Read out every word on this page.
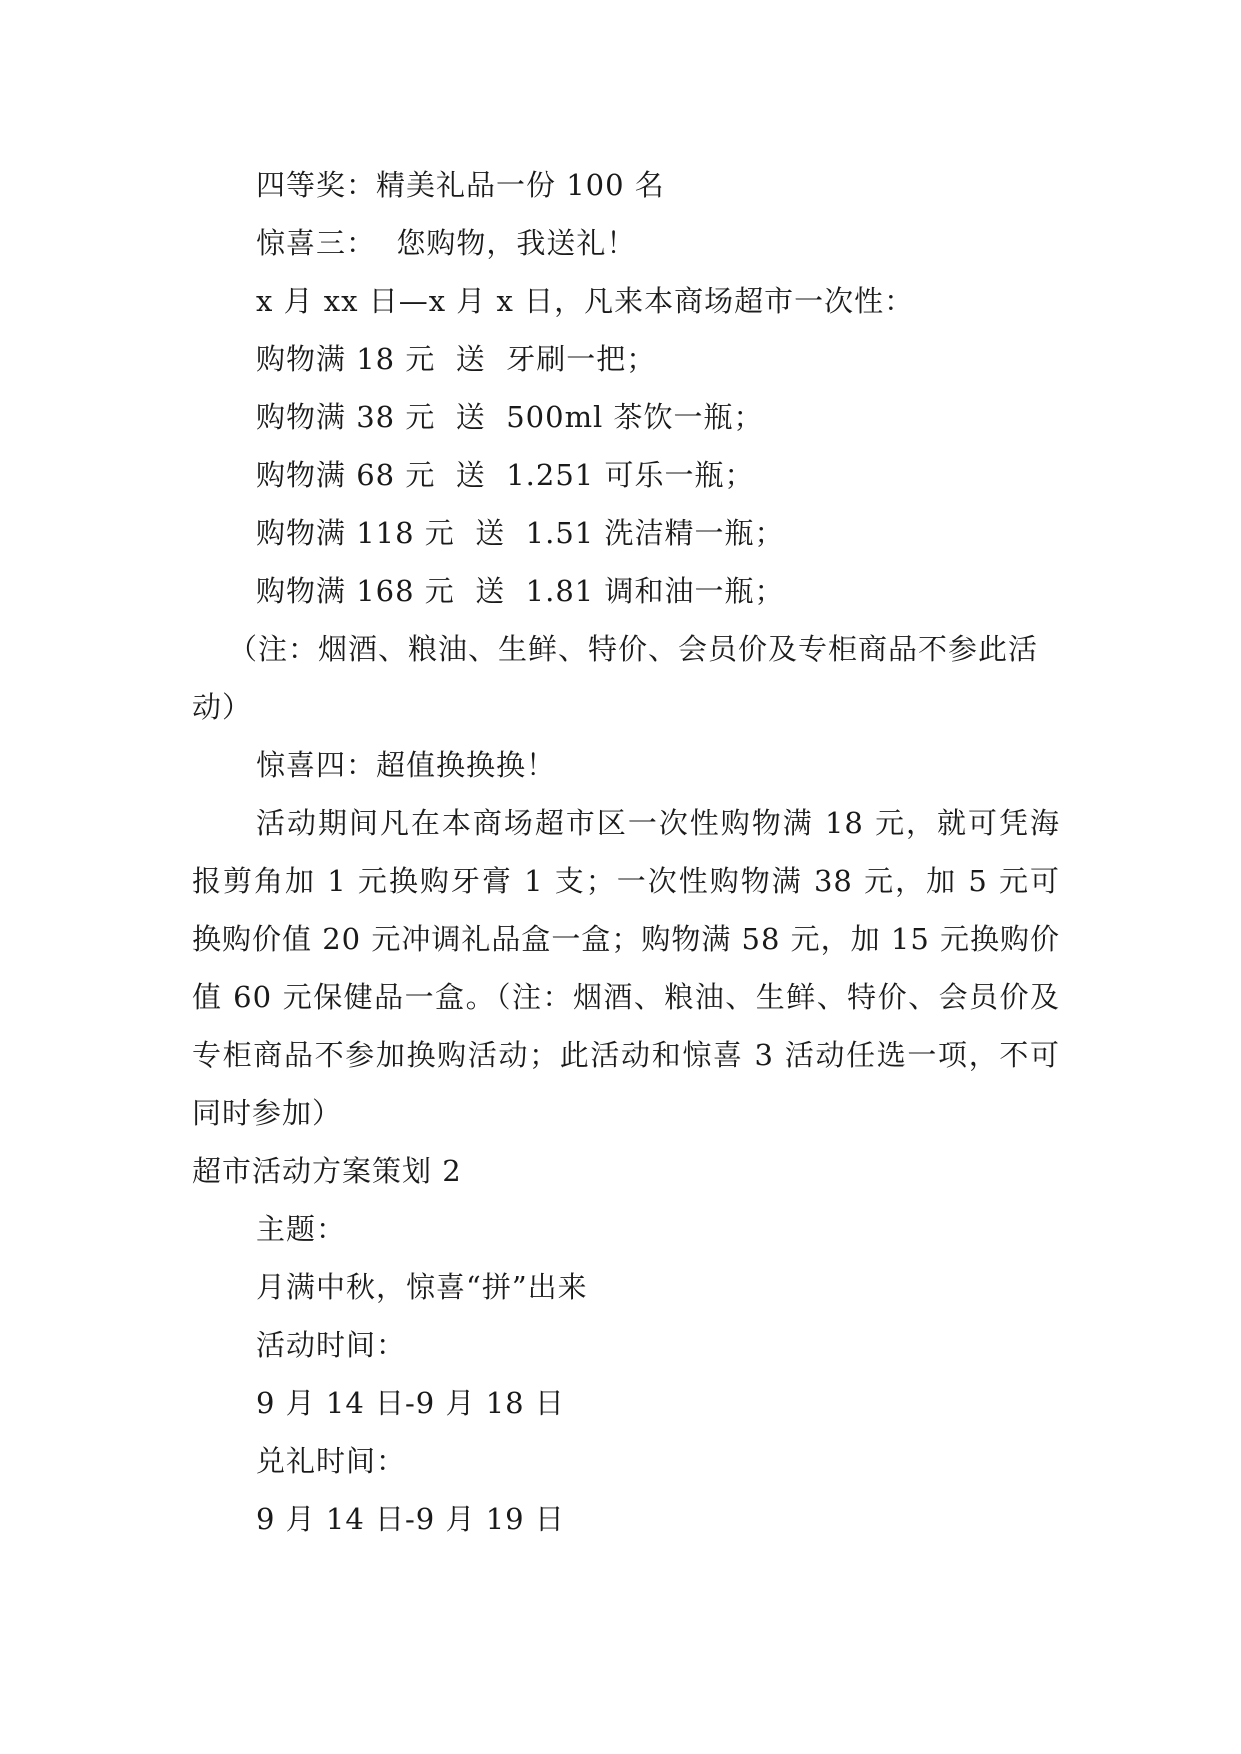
四等奖：精美礼品一份 100 名
惊喜三：  您购物，我送礼！
x 月 xx 日—x 月 x 日，凡来本商场超市一次性：
购物满 18 元  送  牙刷一把；
购物满 38 元  送  500ml 茶饮一瓶；
购物满 68 元  送  1.251 可乐一瓶；
购物满 118 元  送  1.51 洗洁精一瓶；
购物满 168 元  送  1.81 调和油一瓶；

（注：烟酒、粮油、生鲜、特价、会员价及专柜商品不参此活动）

惊喜四：超值换换换！

活动期间凡在本商场超市区一次性购物满 18 元，就可凭海报剪角加 1 元换购牙膏 1 支；一次性购物满 38 元，加 5 元可换购价值 20 元冲调礼品盒一盒；购物满 58 元，加 15 元换购价值 60 元保健品一盒。（注：烟酒、粮油、生鲜、特价、会员价及专柜商品不参加换购活动；此活动和惊喜 3 活动任选一项，不可同时参加）

超市活动方案策划 2
主题：
月满中秋，惊喜“拼”出来
活动时间：
9 月 14 日-9 月 18 日
兑礼时间：
9 月 14 日-9 月 19 日
